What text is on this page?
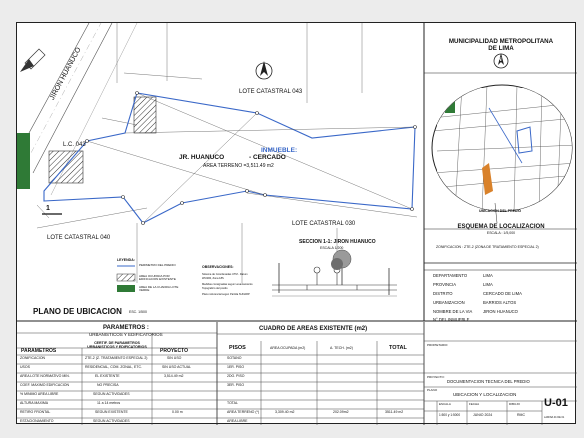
JIRON HUANUCO	LOTE CATASTRAL 043
L.C. 043
LOTE CATASTRAL 040
LOTE CATASTRAL 030
INMUEBLE:
JR. HUANUCO	- CERCADO
AREA TERRENO =3,511.49 m2
1
SECCION 1-1: JIRON HUANUCO
ESCALA 1/200
PLANO DE UBICACION ESC. 1/500
LEYENDA:
PERIMETRO DEL PREDIO
AREA OCUPADA POR EDIFICACION EXISTENTE
AREA DE LA CUADRA LOTE VERDE
OBSERVACIONES:
Sistema de Coordenadas UTM - Datum
WGS84, Zona 18S
Medidas consignadas segun Levantamiento
Topografico del predio
Plano referencial segun Partida SUNARP
MUNICIPALIDAD METROPOLITANA
DE LIMA
N
UBICACION DEL PREDIO
ESQUEMA DE LOCALIZACION
ESCALA : 1/5,000
ZONIFICACION : ZTE-2 (ZONA DE TRATAMIENTO ESPECIAL 2)
DEPARTAMENTO	LIMA
PROVINCIA	LIMA
DISTRITO	CERCADO DE LIMA
URBANIZACION	BARRIOS ALTOS
NOMBRE DE LA VIA	JIRON HUANUCO
N° DEL INMUEBLE
PARAMETROS :
URBANISTICOS Y EDIFICATORIOS
PARAMETROS
CERTIF. DE PARAMETROS URBANISTICOS Y EDIFICATORIOS
PROYECTO
ZONIFICACION	ZTE-2 (Z. TRATAMIENTO ESPECIAL 2)	SIN USO
USOS	RESIDENCIAL, COM. ZONAL, ETC.	SIN USO ACTUAL
AREA LOTE NORMATIVO MIN.	EL EXISTENTE	3,514.49 m2
COEF. MAXIMO EDIFICACION	NO PRECISA
% MINIMO AREA LIBRE	SEGUN ACTIVIDADES
ALTURA MAXIMA	11 a 14 metros
RETIRO FRONTAL	SEGUN EXISTENTE	0.00 m
ESTACIONAMIENTO	SEGUN ACTIVIDADES
CUADRO DE AREAS EXISTENTE (m2)
PISOS	AREA OCUPADA (m2)	A. TECH. (m2)	TOTAL
SOTANO
1ER. PISO
2DO. PISO
3ER. PISO
TOTAL
AREA TERRENO (*)	3,309.40 m2	202.09m2	3511.49 m2
AREA LIBRE
PROPIETARIO:
PROYECTO:
DOCUMENTACION TECNICA DEL PREDIO
PLANO
UBICACION Y LOCALIZACION
ESCALA
1:500 y 1:5000
FECHA
JUNIO 2024
DIBUJO
RMC
U-01
LAMINA 01 DE 01
